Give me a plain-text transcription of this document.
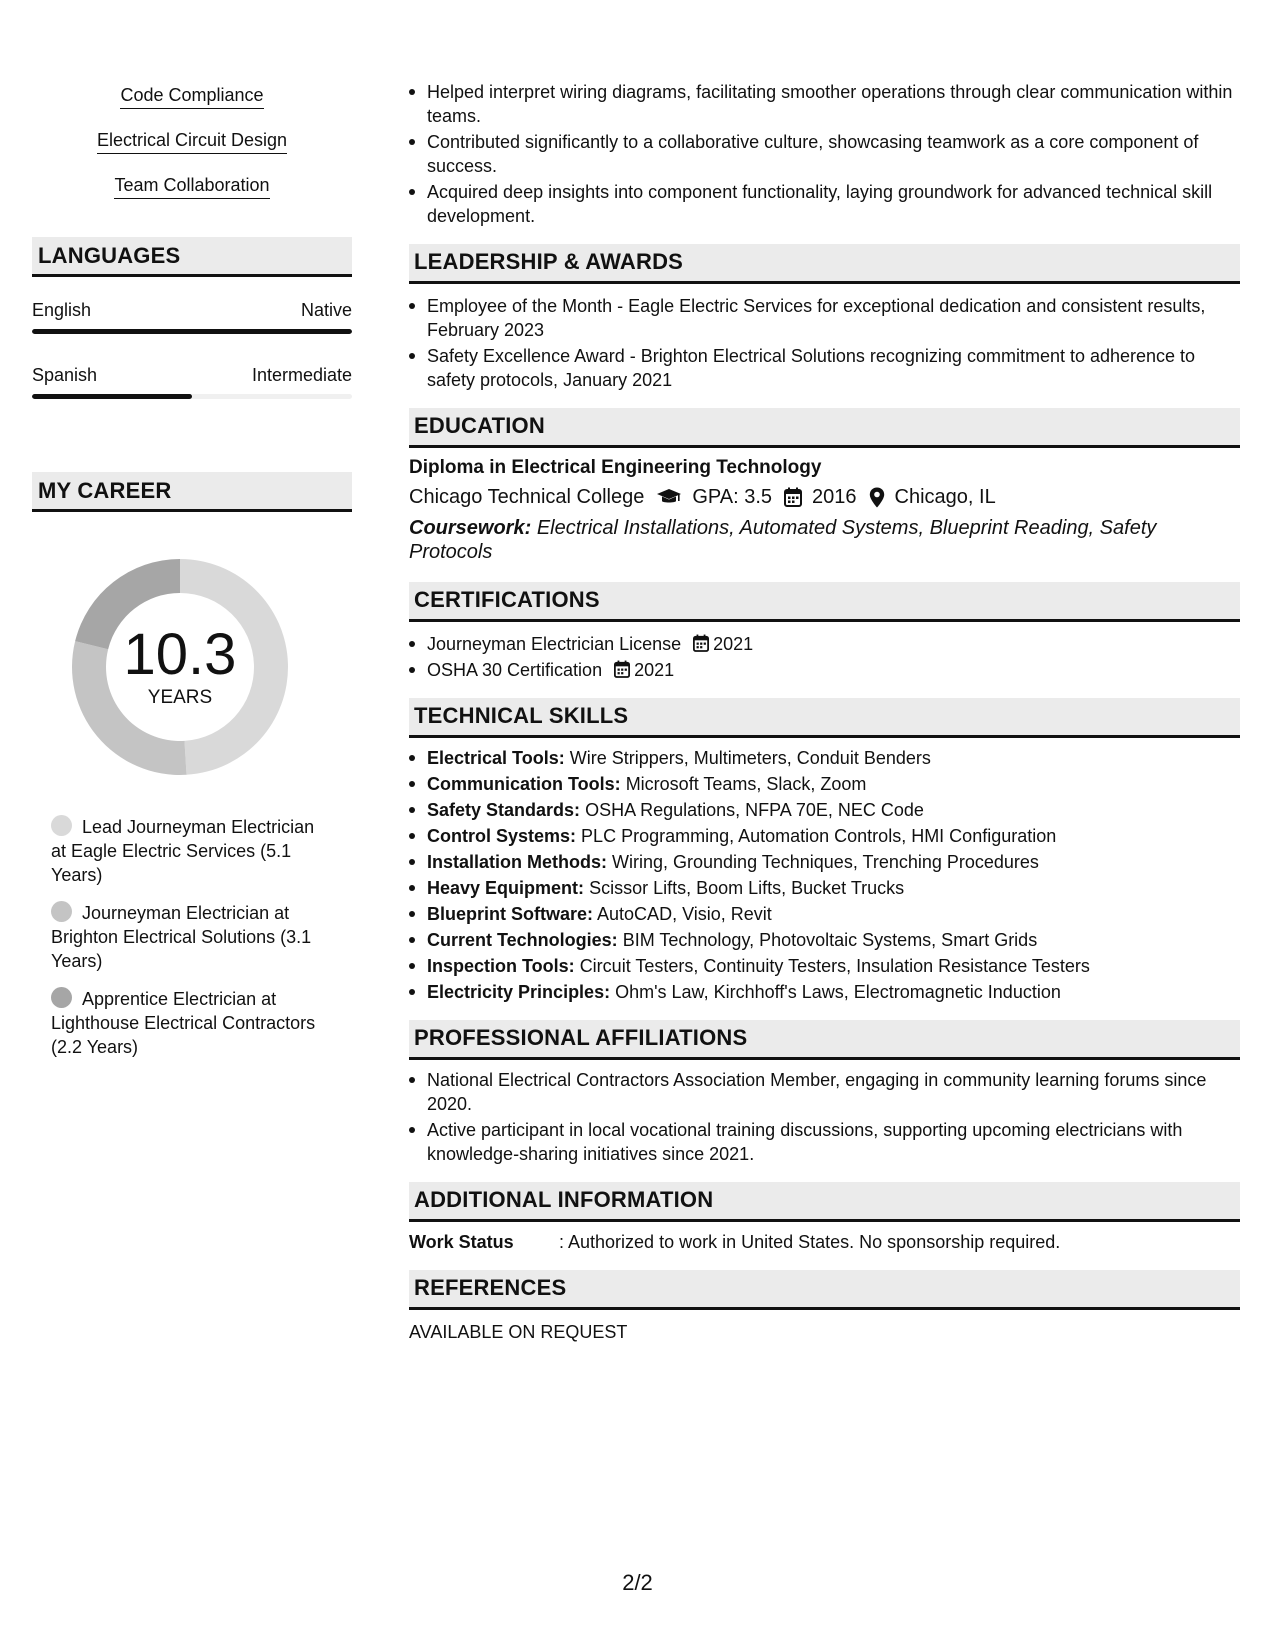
Code Compliance
Electrical Circuit Design
Team Collaboration
LANGUAGES
English	Native
Spanish	Intermediate
MY CAREER
10.3
YEARS
Lead Journeyman Electrician at Eagle Electric Services (5.1 Years)
Journeyman Electrician at Brighton Electrical Solutions (3.1 Years)
Apprentice Electrician at Lighthouse Electrical Contractors (2.2 Years)
Helped interpret wiring diagrams, facilitating smoother operations through clear communication within teams.
Contributed significantly to a collaborative culture, showcasing teamwork as a core component of success.
Acquired deep insights into component functionality, laying groundwork for advanced technical skill development.
LEADERSHIP & AWARDS
Employee of the Month - Eagle Electric Services for exceptional dedication and consistent results, February 2023
Safety Excellence Award - Brighton Electrical Solutions recognizing commitment to adherence to safety protocols, January 2021
EDUCATION
Diploma in Electrical Engineering Technology
Chicago Technical College GPA: 3.5 2016 Chicago, IL
Coursework: Electrical Installations, Automated Systems, Blueprint Reading, Safety Protocols
CERTIFICATIONS
Journeyman Electrician License 2021
OSHA 30 Certification 2021
TECHNICAL SKILLS
Electrical Tools: Wire Strippers, Multimeters, Conduit Benders
Communication Tools: Microsoft Teams, Slack, Zoom
Safety Standards: OSHA Regulations, NFPA 70E, NEC Code
Control Systems: PLC Programming, Automation Controls, HMI Configuration
Installation Methods: Wiring, Grounding Techniques, Trenching Procedures
Heavy Equipment: Scissor Lifts, Boom Lifts, Bucket Trucks
Blueprint Software: AutoCAD, Visio, Revit
Current Technologies: BIM Technology, Photovoltaic Systems, Smart Grids
Inspection Tools: Circuit Testers, Continuity Testers, Insulation Resistance Testers
Electricity Principles: Ohm's Law, Kirchhoff's Laws, Electromagnetic Induction
PROFESSIONAL AFFILIATIONS
National Electrical Contractors Association Member, engaging in community learning forums since 2020.
Active participant in local vocational training discussions, supporting upcoming electricians with knowledge-sharing initiatives since 2021.
ADDITIONAL INFORMATION
Work Status	: Authorized to work in United States. No sponsorship required.
REFERENCES
AVAILABLE ON REQUEST
2/2
